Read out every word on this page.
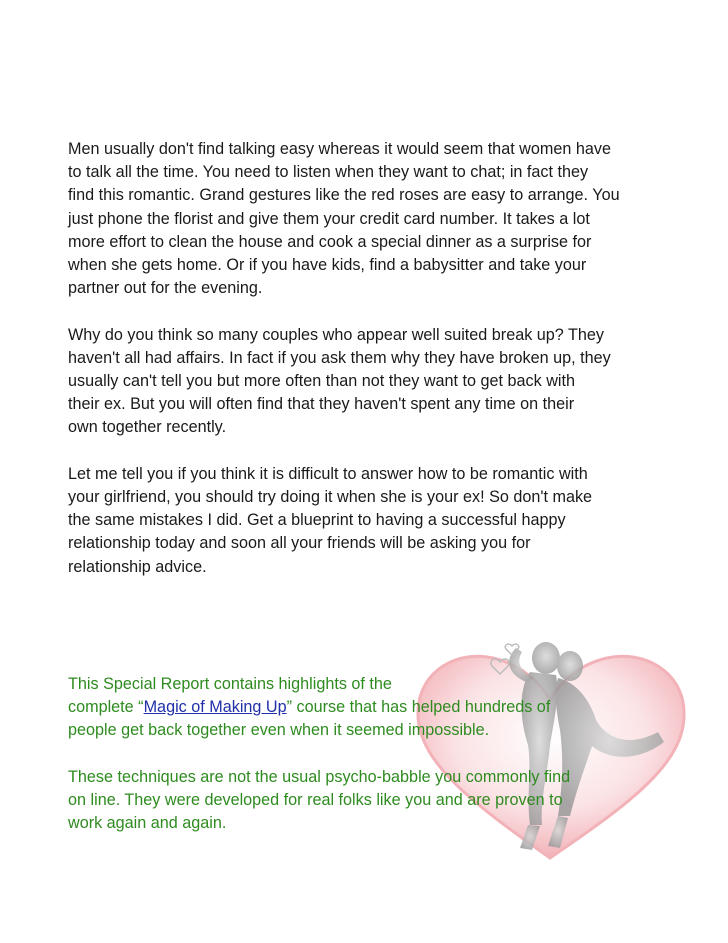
Men usually don't find talking easy whereas it would seem that women have
to talk all the time. You need to listen when they want to chat; in fact they
find this romantic. Grand gestures like the red roses are easy to arrange. You
just phone the florist and give them your credit card number. It takes a lot
more effort to clean the house and cook a special dinner as a surprise for
when she gets home. Or if you have kids, find a babysitter and take your
partner out for the evening.
Why do you think so many couples who appear well suited break up? They
haven't all had affairs. In fact if you ask them why they have broken up, they
usually can't tell you but more often than not they want to get back with
their ex. But you will often find that they haven't spent any time on their
own together recently.
Let me tell you if you think it is difficult to answer how to be romantic with
your girlfriend, you should try doing it when she is your ex! So don't make
the same mistakes I did. Get a blueprint to having a successful happy
relationship today and soon all your friends will be asking you for
relationship advice.
This Special Report contains highlights of the
complete “Magic of Making Up” course that has helped hundreds of
people get back together even when it seemed impossible.
These techniques are not the usual psycho-babble you commonly find
on line. They were developed for real folks like you and are proven to
work again and again.
